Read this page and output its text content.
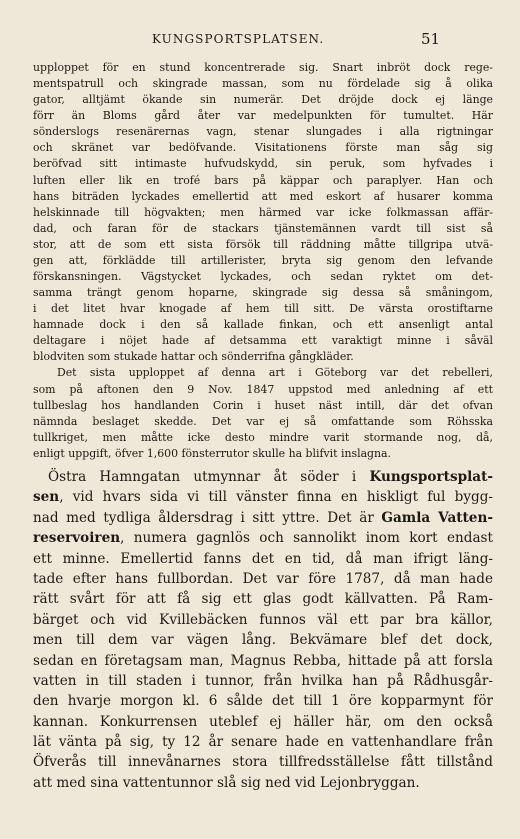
KUNGSPORTSPLATSEN.	51
upploppet för en stund koncentrerade sig. Snart inbröt dock rege-
mentspatrull och skingrade massan, som nu fördelade sig å olika
gator, alltjämt ökande sin numerär. Det dröjde dock ej länge
förr än Bloms gård åter var medelpunkten för tumultet. Här
sönderslogs resenärernas vagn, stenar slungades i alla rigtningar
och skränet var bedöfvande. Visitationens förste man såg sig
beröfvad sitt intimaste hufvudskydd, sin peruk, som hyfvades i
luften eller lik en trofé bars på käppar och paraplyer. Han och
hans biträden lyckades emellertid att med eskort af husarer komma
helskinnade till högvakten; men härmed var icke folkmassan affär-
dad, och faran för de stackars tjänstemännen vardt till sist så
stor, att de som ett sista försök till räddning måtte tillgripa utvä-
gen att, förklädde till artillerister, bryta sig genom den lefvande
förskansningen. Vägstycket lyckades, och sedan ryktet om det-
samma trängt genom hoparne, skingrade sig dessa så småningom,
i det litet hvar knogade af hem till sitt. De värsta orostiftarne
hamnade dock i den så kallade finkan, och ett ansenligt antal
deltagare i nöjet hade af detsamma ett varaktigt minne i såväl
blodviten som stukade hattar och sönderrifna gångkläder.
Det sista upploppet af denna art i Göteborg var det rebelleri,
som på aftonen den 9 Nov. 1847 uppstod med anledning af ett
tullbeslag hos handlanden Corin i huset näst intill, där det ofvan
nämnda beslaget skedde. Det var ej så omfattande som Röhsska
tullkriget, men måtte icke desto mindre varit stormande nog, då,
enligt uppgift, öfver 1,600 fönsterrutor skulle ha blifvit inslagna.
Östra Hamngatan utmynnar åt söder i Kungsportsplat-
sen, vid hvars sida vi till vänster finna en hiskligt ful bygg-
nad med tydliga åldersdrag i sitt yttre. Det är Gamla Vatten-
reservoiren, numera gagnlös och sannolikt inom kort endast
ett minne. Emellertid fanns det en tid, då man ifrigt läng-
tade efter hans fullbordan. Det var före 1787, då man hade
rätt svårt för att få sig ett glas godt källvatten. På Ram-
bärget och vid Kvillebäcken funnos väl ett par bra källor,
men till dem var vägen lång. Bekvämare blef det dock,
sedan en företagsam man, Magnus Rebba, hittade på att forsla
vatten in till staden i tunnor, från hvilka han på Rådhusgår-
den hvarje morgon kl. 6 sålde det till 1 öre kopparmynt för
kannan. Konkurrensen uteblef ej häller här, om den också
lät vänta på sig, ty 12 år senare hade en vattenhandlare från
Öfverås till innevånarnes stora tillfredsställelse fått tillstånd
att med sina vattentunnor slå sig ned vid Lejonbryggan.
